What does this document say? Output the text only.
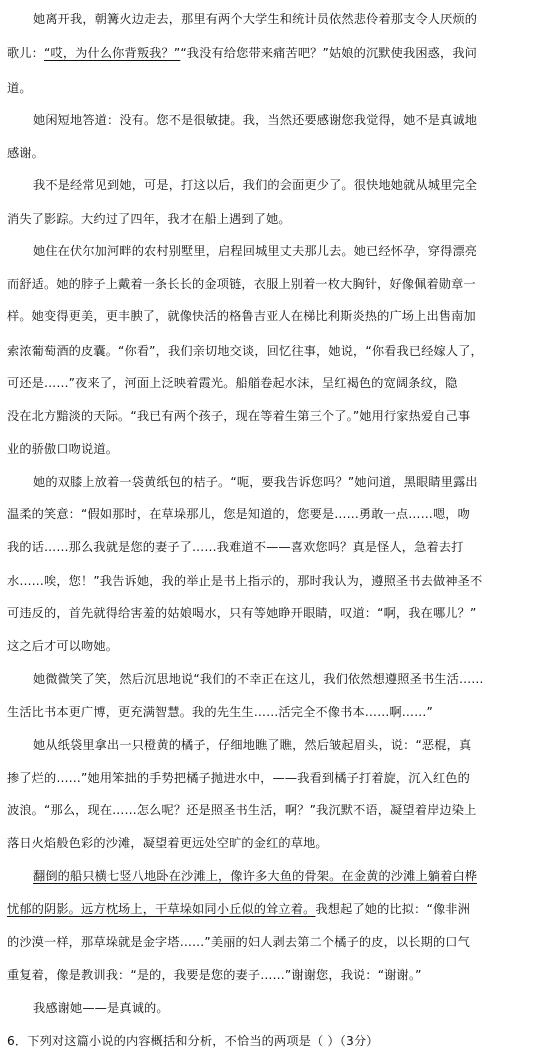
她离开我，朝篝火边走去，那里有两个大学生和统计员依然悲伶着那支令人厌烦的
歌儿：“哎，为什么你背叛我？”“我没有给您带来痛苦吧？”姑娘的沉默使我困惑，我问
道。
她闲短地答道：没有。您不是很敏捷。我，当然还要感谢您我觉得，她不是真诚地
感谢。
我不是经常见到她，可是，打这以后，我们的会面更少了。很快地她就从城里完全
消失了影踪。大约过了四年，我才在船上遇到了她。
她住在伏尔加河畔的农村别墅里，启程回城里丈夫那儿去。她已经怀孕，穿得漂亮
而舒适。她的脖子上戴着一条长长的金项链，衣服上别着一枚大胸针，好像佩着勋章一
样。她变得更美，更丰腴了，就像快活的格鲁吉亚人在梯比利斯炎热的广场上出售南加
索浓葡萄酒的皮囊。“你看”，我们亲切地交谈，回忆往事，她说，“你看我已经嫁人了，
可还是……”夜来了，河面上泛映着霞光。船艏卷起水沫，呈红褐色的宽阔条纹，隐
没在北方黯淡的天际。“我已有两个孩子，现在等着生第三个了。”她用行家热爱自己事
业的骄傲口吻说道。
她的双膝上放着一袋黄纸包的桔子。“呃，要我告诉您吗？”她问道，黑眼睛里露出
温柔的笑意：“假如那时，在草垛那儿，您是知道的，您要是……勇敢一点……嗯，吻
我的话……那么我就是您的妻子了……我难道不——喜欢您吗？真是怪人，急着去打
水……唉，您！”我告诉她，我的举止是书上指示的，那时我认为，遵照圣书去做神圣不
可违反的，首先就得给害羞的姑娘喝水，只有等她睁开眼睛，叹道：“啊，我在哪儿？”
这之后才可以吻她。
她微微笑了笑，然后沉思地说“我们的不幸正在这儿，我们依然想遵照圣书生活……
生活比书本更广博，更充满智慧。我的先生生……活完全不像书本……啊……”
她从纸袋里拿出一只橙黄的橘子，仔细地瞧了瞧，然后皱起眉头，说：“恶棍，真
掺了烂的……”她用笨拙的手势把橘子抛进水中，——我看到橘子打着旋，沉入红色的
波浪。“那么，现在……怎么呢？还是照圣书生活，啊？”我沉默不语，凝望着岸边染上
落日火焰般色彩的沙滩，凝望着更远处空旷的金红的草地。
翻倒的船只横七竖八地卧在沙滩上，像许多大鱼的骨架。在金黄的沙滩上躺着白桦
忧郁的阴影。远方枕场上，干草垛如同小丘似的耸立着。我想起了她的比拟：“像非洲
的沙漠一样，那草垛就是金字塔……”美丽的妇人剥去第二个橘子的皮，以长期的口气
重复着，像是教训我：“是的，我要是您的妻子……”谢谢您，我说：“谢谢。”
我感谢她——是真诚的。
6．下列对这篇小说的内容概括和分析，不恰当的两项是（ ）（3分）
